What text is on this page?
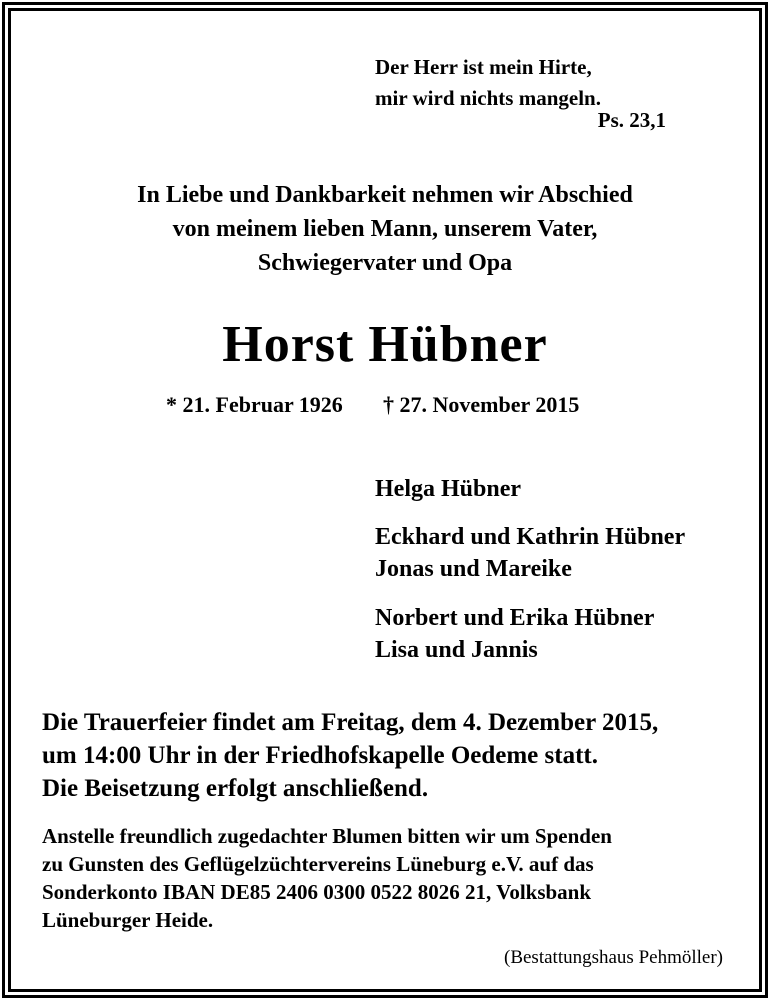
Der Herr ist mein Hirte,
mir wird nichts mangeln.
Ps. 23,1
In Liebe und Dankbarkeit nehmen wir Abschied
von meinem lieben Mann, unserem Vater,
Schwiegervater und Opa
Horst Hübner
* 21. Februar 1926 † 27. November 2015
Helga Hübner
Eckhard und Kathrin Hübner
Jonas und Mareike
Norbert und Erika Hübner
Lisa und Jannis
Die Trauerfeier findet am Freitag, dem 4. Dezember 2015,
um 14:00 Uhr in der Friedhofskapelle Oedeme statt.
Die Beisetzung erfolgt anschließend.
Anstelle freundlich zugedachter Blumen bitten wir um Spenden
zu Gunsten des Geflügelzüchtervereins Lüneburg e.V. auf das
Sonderkonto IBAN DE85 2406 0300 0522 8026 21, Volksbank
Lüneburger Heide.
(Bestattungshaus Pehmöller)
